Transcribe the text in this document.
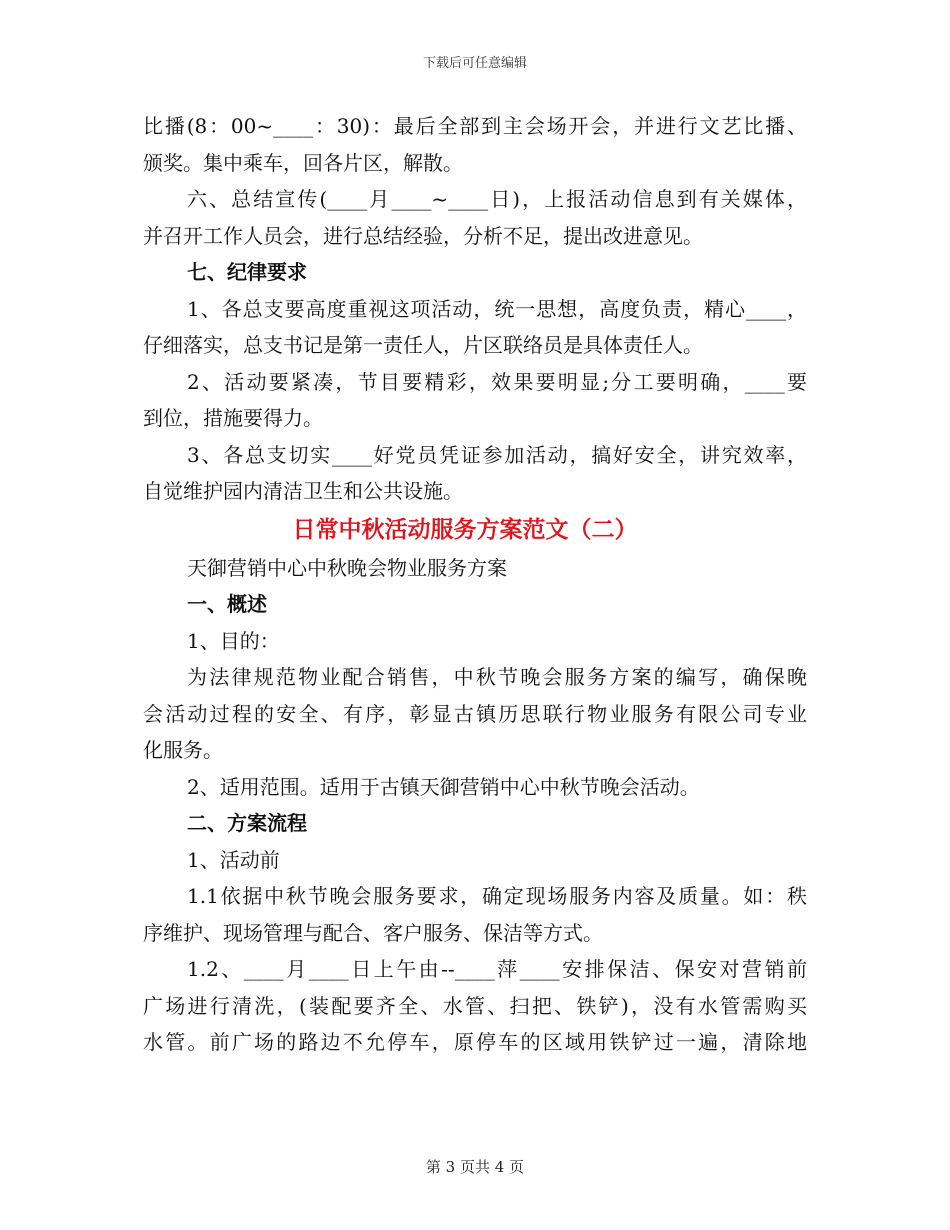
下载后可任意编辑
比播(8：00~____：30)：最后全部到主会场开会，并进行文艺比播、
颁奖。集中乘车，回各片区，解散。
六、总结宣传(____月____~____日)，上报活动信息到有关媒体，
并召开工作人员会，进行总结经验，分析不足，提出改进意见。
七、纪律要求
1、各总支要高度重视这项活动，统一思想，高度负责，精心____，
仔细落实，总支书记是第一责任人，片区联络员是具体责任人。
2、活动要紧凑，节目要精彩，效果要明显;分工要明确，____要
到位，措施要得力。
3、各总支切实____好党员凭证参加活动，搞好安全，讲究效率，
自觉维护园内清洁卫生和公共设施。
日常中秋活动服务方案范文（二）
天御营销中心中秋晚会物业服务方案
一、概述
1、目的：
为法律规范物业配合销售，中秋节晚会服务方案的编写，确保晚
会活动过程的安全、有序，彰显古镇历思联行物业服务有限公司专业
化服务。
2、适用范围。适用于古镇天御营销中心中秋节晚会活动。
二、方案流程
1、活动前
1.1依据中秋节晚会服务要求，确定现场服务内容及质量。如：秩
序维护、现场管理与配合、客户服务、保洁等方式。
1.2、____月____日上午由--____萍____安排保洁、保安对营销前
广场进行清洗，(装配要齐全、水管、扫把、铁铲)，没有水管需购买
水管。前广场的路边不允停车，原停车的区域用铁铲过一遍，清除地
第 3 页共 4 页
